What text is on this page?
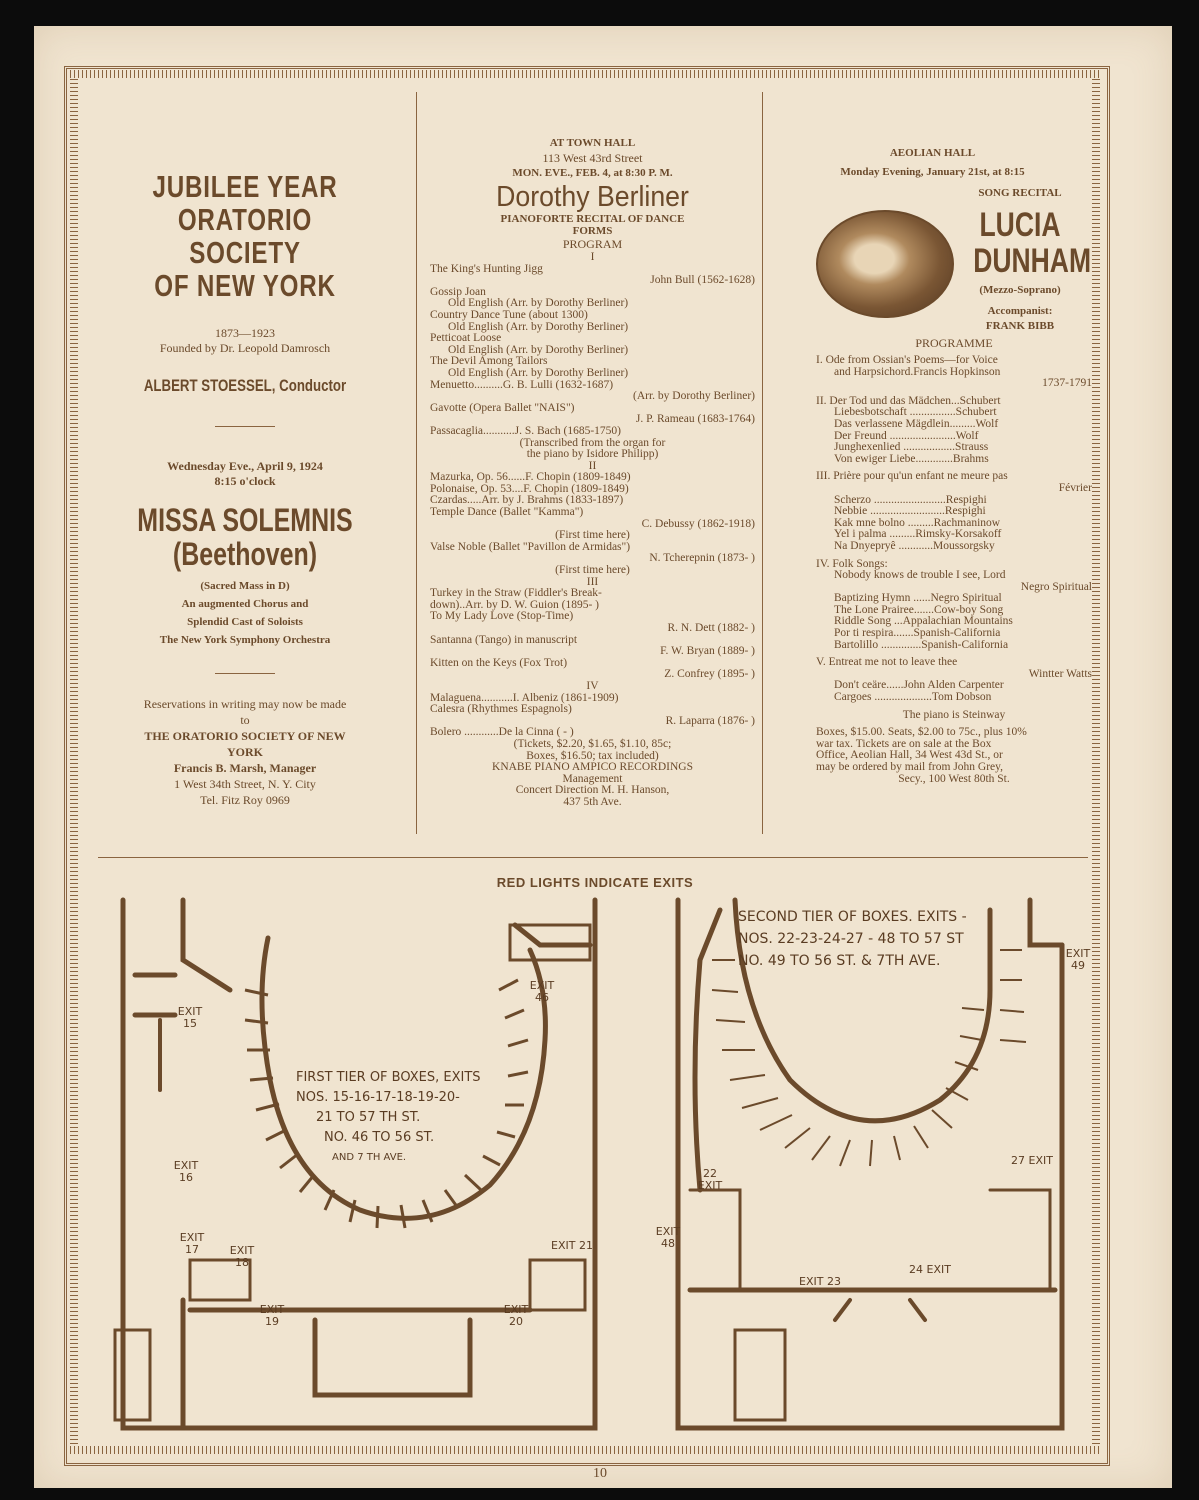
JUBILEE YEAR
ORATORIO SOCIETY
OF NEW YORK
1873—1923
Founded by Dr. Leopold Damrosch
ALBERT STOESSEL, Conductor
Wednesday Eve., April 9, 1924
8:15 o'clock
MISSA SOLEMNIS
(Beethoven)
(Sacred Mass in D)
An augmented Chorus and
Splendid Cast of Soloists
The New York Symphony Orchestra
Reservations in writing may now be made
to
THE ORATORIO SOCIETY OF NEW
YORK
Francis B. Marsh, Manager
1 West 34th Street, N. Y. City
Tel. Fitz Roy 0969
AT TOWN HALL
113 West 43rd Street
MON. EVE., FEB. 4, at 8:30 P. M.
Dorothy Berliner
PIANOFORTE RECITAL OF DANCE
FORMS
PROGRAM
I
The King's Hunting Jigg
John Bull (1562-1628)
Gossip Joan
Old English (Arr. by Dorothy Berliner)
Country Dance Tune (about 1300)
Old English (Arr. by Dorothy Berliner)
Petticoat Loose
Old English (Arr. by Dorothy Berliner)
The Devil Among Tailors
Old English (Arr. by Dorothy Berliner)
Menuetto..........G. B. Lulli (1632-1687)
(Arr. by Dorothy Berliner)
Gavotte (Opera Ballet "NAIS")
J. P. Rameau (1683-1764)
Passacaglia...........J. S. Bach (1685-1750)
(Transcribed from the organ for
the piano by Isidore Philipp)
II
Mazurka, Op. 56......F. Chopin (1809-1849)
Polonaise, Op. 53....F. Chopin (1809-1849)
Czardas.....Arr. by J. Brahms (1833-1897)
Temple Dance (Ballet "Kamma")
C. Debussy (1862-1918)
(First time here)
Valse Noble (Ballet "Pavillon de Armidas")
N. Tcherepnin (1873- )
(First time here)
III
Turkey in the Straw (Fiddler's Break-
down)..Arr. by D. W. Guion (1895- )
To My Lady Love (Stop-Time)
R. N. Dett (1882- )
Santanna (Tango) in manuscript
F. W. Bryan (1889- )
Kitten on the Keys (Fox Trot)
Z. Confrey (1895- )
IV
Malaguena...........I. Albeniz (1861-1909)
Calesra (Rhythmes Espagnols)
R. Laparra (1876- )
Bolero ............De la Cinna ( - )
(Tickets, $2.20, $1.65, $1.10, 85c;
Boxes, $16.50; tax included)
KNABE PIANO AMPICO RECORDINGS
Management
Concert Direction M. H. Hanson,
437 5th Ave.
AEOLIAN HALL
Monday Evening, January 21st, at 8:15
SONG RECITAL
LUCIA
DUNHAM
(Mezzo-Soprano)
Accompanist:
FRANK BIBB
PROGRAMME
I. Ode from Ossian's Poems—for Voice
and Harpsichord.Francis Hopkinson
1737-1791
II. Der Tod und das Mädchen...Schubert
Liebesbotschaft ................Schubert
Das verlassene Mägdlein.........Wolf
Der Freund .......................Wolf
Junghexenlied ..................Strauss
Von ewiger Liebe.............Brahms
III. Prière pour qu'un enfant ne meure pas
Février
Scherzo .........................Respighi
Nebbie ..........................Respighi
Kak mne bolno .........Rachmaninow
Yel i palma .........Rimsky-Korsakoff
Na Dnyepryê ............Moussorgsky
IV. Folk Songs:
Nobody knows de trouble I see, Lord
Negro Spiritual
Baptizing Hymn ......Negro Spiritual
The Lone Prairee.......Cow-boy Song
Riddle Song ...Appalachian Mountains
Por ti respira.......Spanish-California
Bartolillo ..............Spanish-California
V. Entreat me not to leave thee
Wintter Watts
Don't ceäre......John Alden Carpenter
Cargoes ....................Tom Dobson
The piano is Steinway
Boxes, $15.00. Seats, $2.00 to 75c., plus 10%
war tax. Tickets are on sale at the Box
Office, Aeolian Hall, 34 West 43d St., or
may be ordered by mail from John Grey,
Secy., 100 West 80th St.
RED LIGHTS INDICATE EXITS
EXIT 15
EXIT 16
EXIT 17	EXIT 18
EXIT 19
EXIT 20
EXIT 21
EXIT 46
FIRST TIER OF BOXES, EXITS
NOS. 15-16-17-18-19-20-
21 TO 57 TH ST.
NO. 46 TO 56 ST.
AND 7 TH AVE.
SECOND TIER OF BOXES. EXITS -
NOS. 22-23-24-27 - 48 TO 57 ST
NO. 49 TO 56 ST. & 7TH AVE.	EXIT 49
22 EXIT
EXIT 48
EXIT 23
24 EXIT
27 EXIT
10
